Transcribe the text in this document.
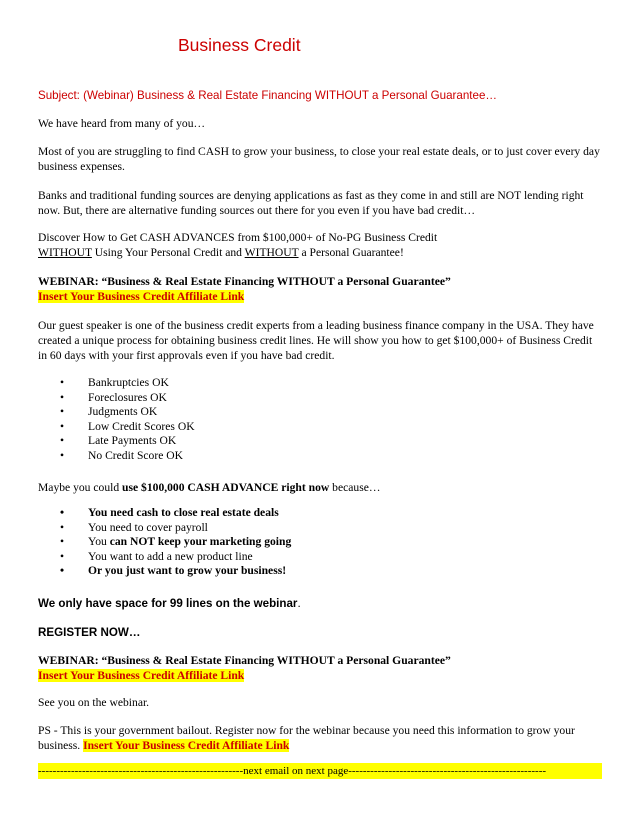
Business Credit

Subject: (Webinar) Business & Real Estate Financing WITHOUT a Personal Guarantee…

We have heard from many of you…

Most of you are struggling to find CASH to grow your business, to close your real estate deals, or to just cover every day business expenses.

Banks and traditional funding sources are denying applications as fast as they come in and still are NOT lending right now. But, there are alternative funding sources out there for you even if you have bad credit…

Discover How to Get CASH ADVANCES from $100,000+ of No-PG Business Credit
WITHOUT Using Your Personal Credit and WITHOUT a Personal Guarantee!
WEBINAR: “Business & Real Estate Financing WITHOUT a Personal Guarantee”
Insert Your Business Credit Affiliate Link

Our guest speaker is one of the business credit experts from a leading business finance company in the USA. They have created a unique process for obtaining business credit lines. He will show you how to get $100,000+ of Business Credit in 60 days with your first approvals even if you have bad credit.

• Bankruptcies OK
• Foreclosures OK
• Judgments OK
• Low Credit Scores OK
• Late Payments OK
• No Credit Score OK

Maybe you could use $100,000 CASH ADVANCE right now because…

• You need cash to close real estate deals
• You need to cover payroll
• You can NOT keep your marketing going
• You want to add a new product line
• Or you just want to grow your business!

We only have space for 99 lines on the webinar.

REGISTER NOW…

WEBINAR: “Business & Real Estate Financing WITHOUT a Personal Guarantee”
Insert Your Business Credit Affiliate Link

See you on the webinar.

PS - This is your government bailout. Register now for the webinar because you need this information to grow your business. Insert Your Business Credit Affiliate Link

--------------------------------------------------------next email on next page------------------------------------------------------
